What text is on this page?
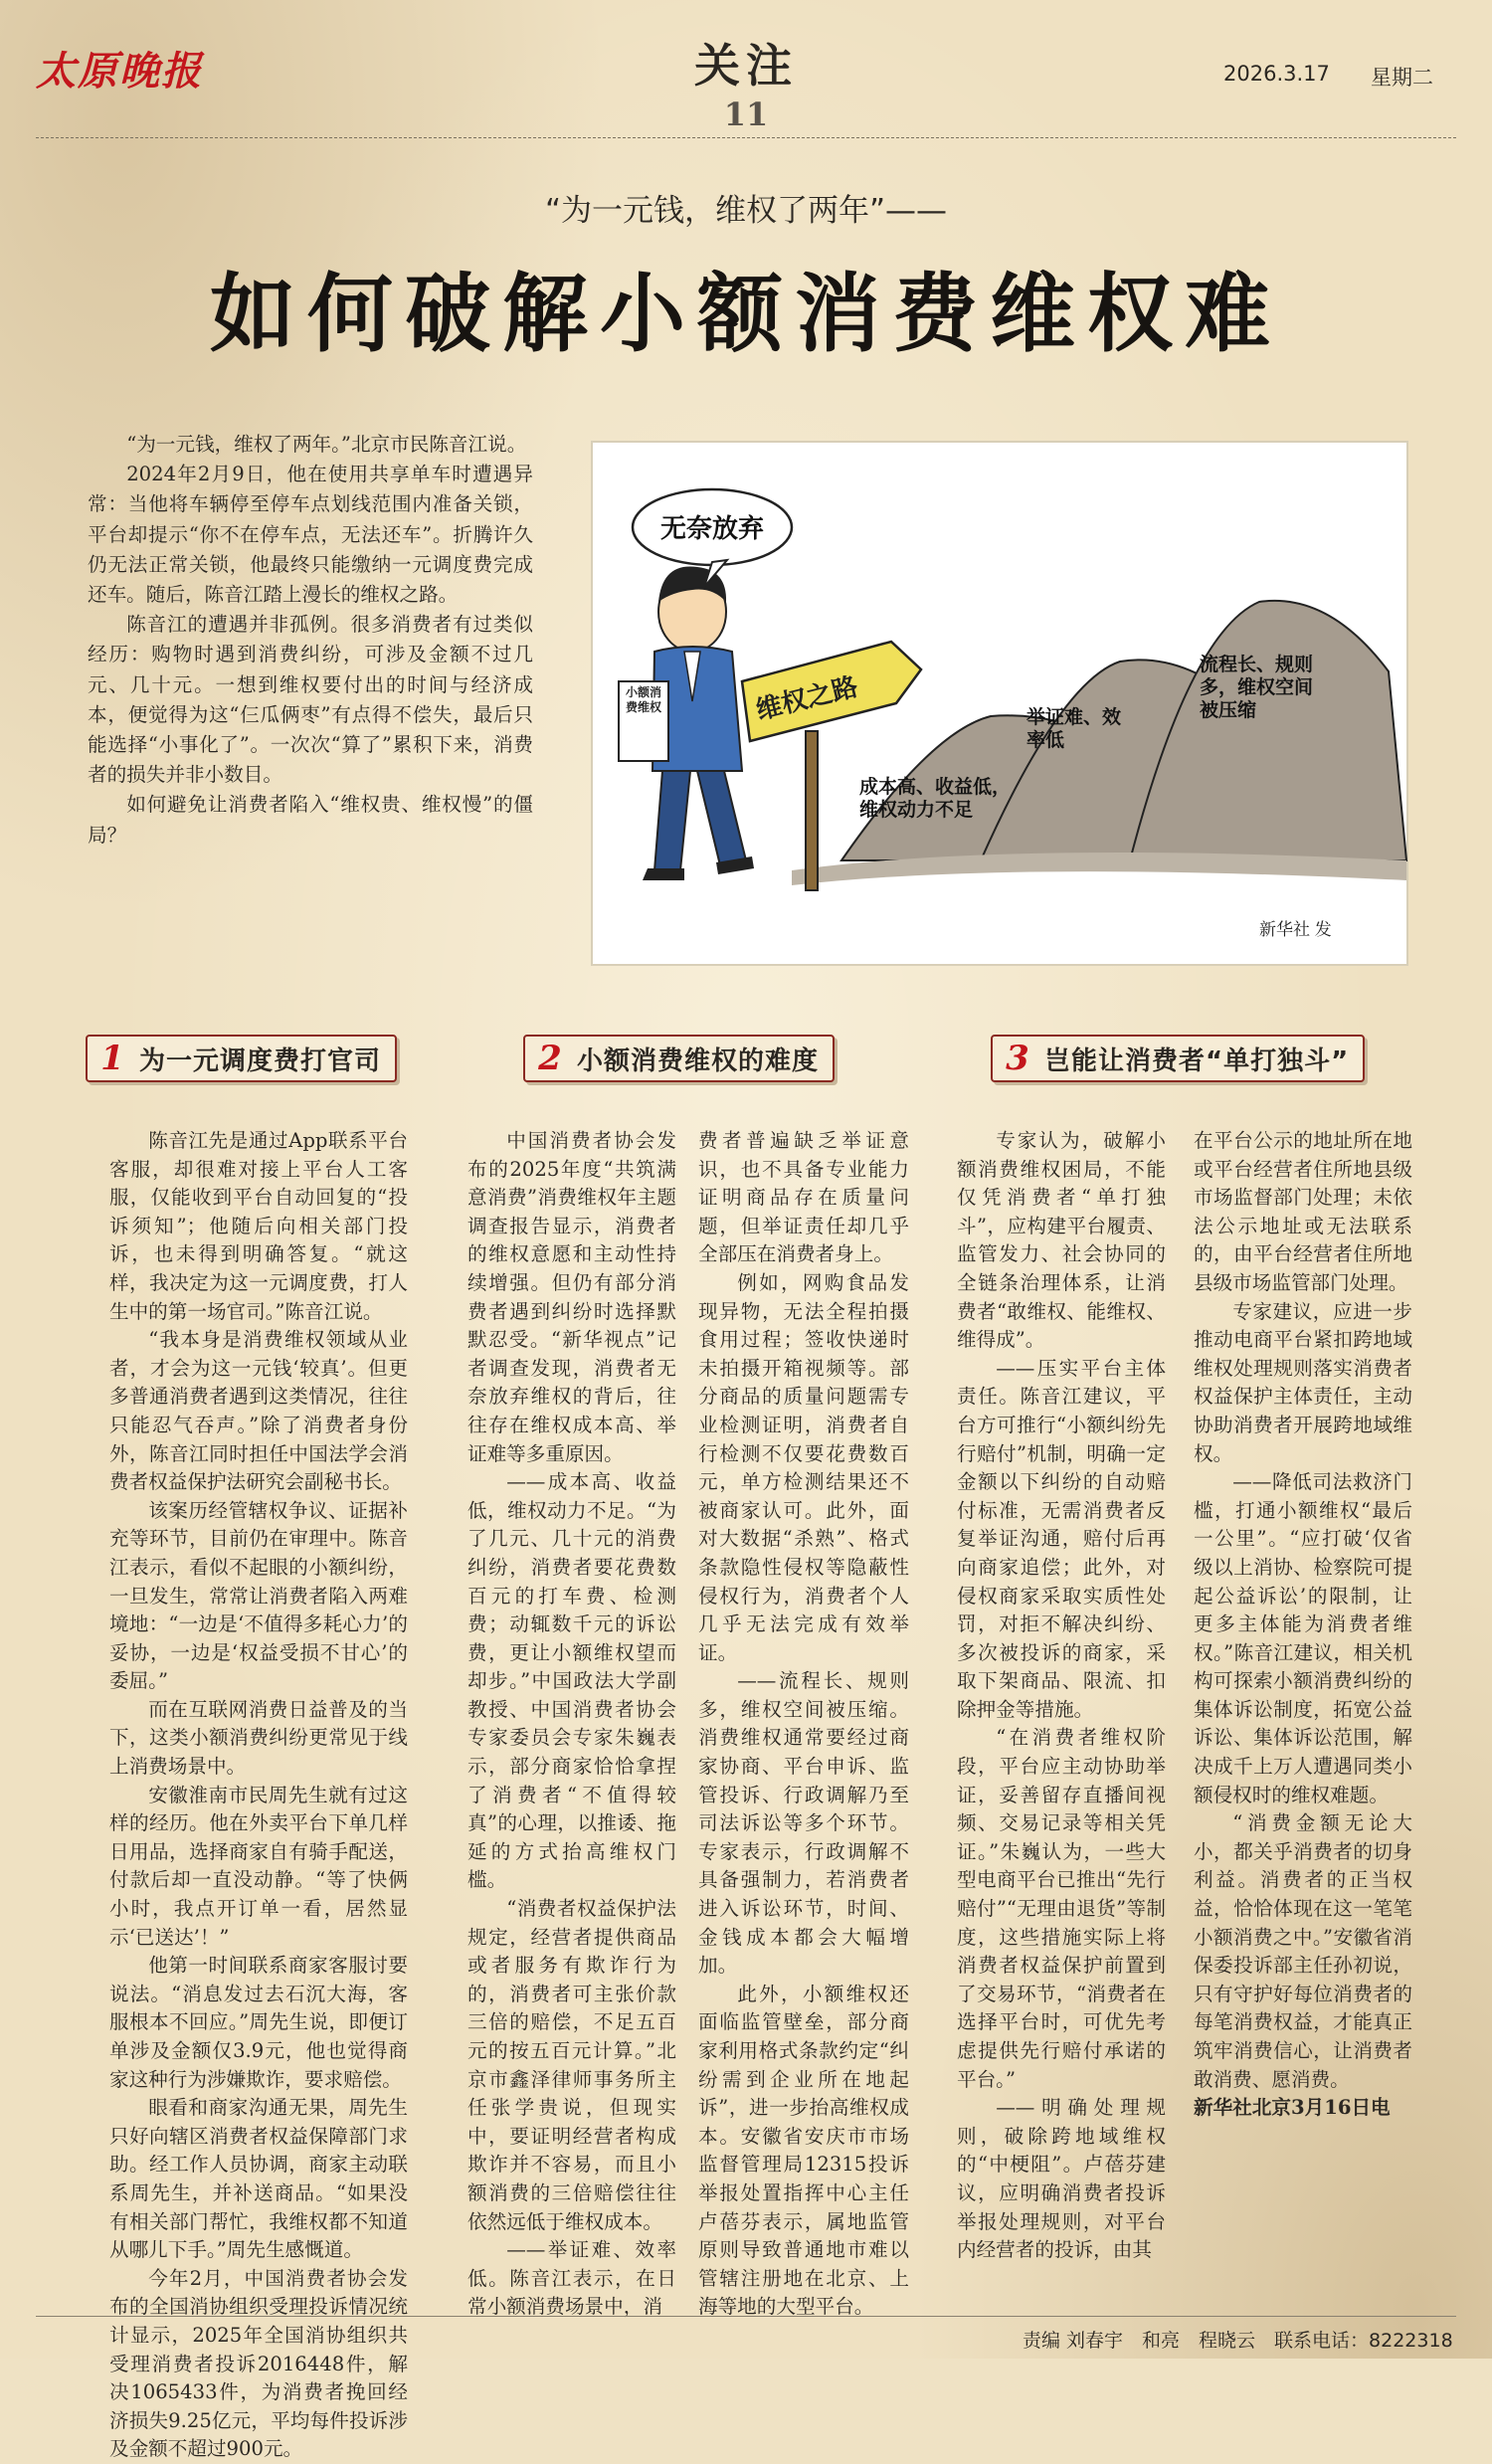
太原晚报	关注
11
2026.3.17 星期二
“为一元钱，维权了两年”——
如何破解小额消费维权难

“为一元钱，维权了两年。”北京市民陈音江说。

2024年2月9日，他在使用共享单车时遭遇异常：当他将车辆停至停车点划线范围内准备关锁，平台却提示“你不在停车点，无法还车”。折腾许久仍无法正常关锁，他最终只能缴纳一元调度费完成还车。随后，陈音江踏上漫长的维权之路。

陈音江的遭遇并非孤例。很多消费者有过类似经历：购物时遇到消费纠纷，可涉及金额不过几元、几十元。一想到维权要付出的时间与经济成本，便觉得为这“仨瓜俩枣”有点得不偿失，最后只能选择“小事化了”。一次次“算了”累积下来，消费者的损失并非小数目。

如何避免让消费者陷入“维权贵、维权慢”的僵局？

维权之路
小额消费维权
无奈放弃
成本高、收益低，维权动力不足
举证难、效率低
流程长、规则多，维权空间被压缩
新华社 发
1 为一元调度费打官司	2 小额消费维权的难度	3 岂能让消费者“单打独斗”

陈音江先是通过App联系平台客服，却很难对接上平台人工客服，仅能收到平台自动回复的“投诉须知”；他随后向相关部门投诉，也未得到明确答复。“就这样，我决定为这一元调度费，打人生中的第一场官司。”陈音江说。

“我本身是消费维权领域从业者，才会为这一元钱‘较真’。但更多普通消费者遇到这类情况，往往只能忍气吞声。”除了消费者身份外，陈音江同时担任中国法学会消费者权益保护法研究会副秘书长。

该案历经管辖权争议、证据补充等环节，目前仍在审理中。陈音江表示，看似不起眼的小额纠纷，一旦发生，常常让消费者陷入两难境地：“一边是‘不值得多耗心力’的妥协，一边是‘权益受损不甘心’的委屈。”

而在互联网消费日益普及的当下，这类小额消费纠纷更常见于线上消费场景中。

安徽淮南市民周先生就有过这样的经历。他在外卖平台下单几样日用品，选择商家自有骑手配送，付款后却一直没动静。“等了快俩小时，我点开订单一看，居然显示‘已送达’！”

他第一时间联系商家客服讨要说法。“消息发过去石沉大海，客服根本不回应。”周先生说，即便订单涉及金额仅3.9元，他也觉得商家这种行为涉嫌欺诈，要求赔偿。

眼看和商家沟通无果，周先生只好向辖区消费者权益保障部门求助。经工作人员协调，商家主动联系周先生，并补送商品。“如果没有相关部门帮忙，我维权都不知道从哪儿下手。”周先生感慨道。

今年2月，中国消费者协会发布的全国消协组织受理投诉情况统计显示，2025年全国消协组织共受理消费者投诉2016448件，解决1065433件，为消费者挽回经济损失9.25亿元，平均每件投诉涉及金额不超过900元。

中国消费者协会发布的2025年度“共筑满意消费”消费维权年主题调查报告显示，消费者的维权意愿和主动性持续增强。但仍有部分消费者遇到纠纷时选择默默忍受。“新华视点”记者调查发现，消费者无奈放弃维权的背后，往往存在维权成本高、举证难等多重原因。

——成本高、收益低，维权动力不足。“为了几元、几十元的消费纠纷，消费者要花费数百元的打车费、检测费；动辄数千元的诉讼费，更让小额维权望而却步。”中国政法大学副教授、中国消费者协会专家委员会专家朱巍表示，部分商家恰恰拿捏了消费者“不值得较真”的心理，以推诿、拖延的方式抬高维权门槛。

“消费者权益保护法规定，经营者提供商品或者服务有欺诈行为的，消费者可主张价款三倍的赔偿，不足五百元的按五百元计算。”北京市鑫泽律师事务所主任张学贵说，但现实中，要证明经营者构成欺诈并不容易，而且小额消费的三倍赔偿往往依然远低于维权成本。

——举证难、效率低。陈音江表示，在日常小额消费场景中，消

费者普遍缺乏举证意识，也不具备专业能力证明商品存在质量问题，但举证责任却几乎全部压在消费者身上。

例如，网购食品发现异物，无法全程拍摄食用过程；签收快递时未拍摄开箱视频等。部分商品的质量问题需专业检测证明，消费者自行检测不仅要花费数百元，单方检测结果还不被商家认可。此外，面对大数据“杀熟”、格式条款隐性侵权等隐蔽性侵权行为，消费者个人几乎无法完成有效举证。

——流程长、规则多，维权空间被压缩。消费维权通常要经过商家协商、平台申诉、监管投诉、行政调解乃至司法诉讼等多个环节。专家表示，行政调解不具备强制力，若消费者进入诉讼环节，时间、金钱成本都会大幅增加。

此外，小额维权还面临监管壁垒，部分商家利用格式条款约定“纠纷需到企业所在地起诉”，进一步抬高维权成本。安徽省安庆市市场监督管理局12315投诉举报处置指挥中心主任卢蓓芬表示，属地监管原则导致普通地市难以管辖注册地在北京、上海等地的大型平台。

专家认为，破解小额消费维权困局，不能仅凭消费者“单打独斗”，应构建平台履责、监管发力、社会协同的全链条治理体系，让消费者“敢维权、能维权、维得成”。

——压实平台主体责任。陈音江建议，平台方可推行“小额纠纷先行赔付”机制，明确一定金额以下纠纷的自动赔付标准，无需消费者反复举证沟通，赔付后再向商家追偿；此外，对侵权商家采取实质性处罚，对拒不解决纠纷、多次被投诉的商家，采取下架商品、限流、扣除押金等措施。

“在消费者维权阶段，平台应主动协助举证，妥善留存直播间视频、交易记录等相关凭证。”朱巍认为，一些大型电商平台已推出“先行赔付”“无理由退货”等制度，这些措施实际上将消费者权益保护前置到了交易环节，“消费者在选择平台时，可优先考虑提供先行赔付承诺的平台。”

——明确处理规则，破除跨地域维权的“中梗阻”。卢蓓芬建议，应明确消费者投诉举报处理规则，对平台内经营者的投诉，由其

在平台公示的地址所在地或平台经营者住所地县级市场监督部门处理；未依法公示地址或无法联系的，由平台经营者住所地县级市场监管部门处理。

专家建议，应进一步推动电商平台紧扣跨地域维权处理规则落实消费者权益保护主体责任，主动协助消费者开展跨地域维权。

——降低司法救济门槛，打通小额维权“最后一公里”。“应打破‘仅省级以上消协、检察院可提起公益诉讼’的限制，让更多主体能为消费者维权。”陈音江建议，相关机构可探索小额消费纠纷的集体诉讼制度，拓宽公益诉讼、集体诉讼范围，解决成千上万人遭遇同类小额侵权时的维权难题。

“消费金额无论大小，都关乎消费者的切身利益。消费者的正当权益，恰恰体现在这一笔笔小额消费之中。”安徽省消保委投诉部主任孙初说，只有守护好每位消费者的每笔消费权益，才能真正筑牢消费信心，让消费者敢消费、愿消费。

新华社北京3月16日电

责编 刘春宇　和亮　程晓云　联系电话：8222318
